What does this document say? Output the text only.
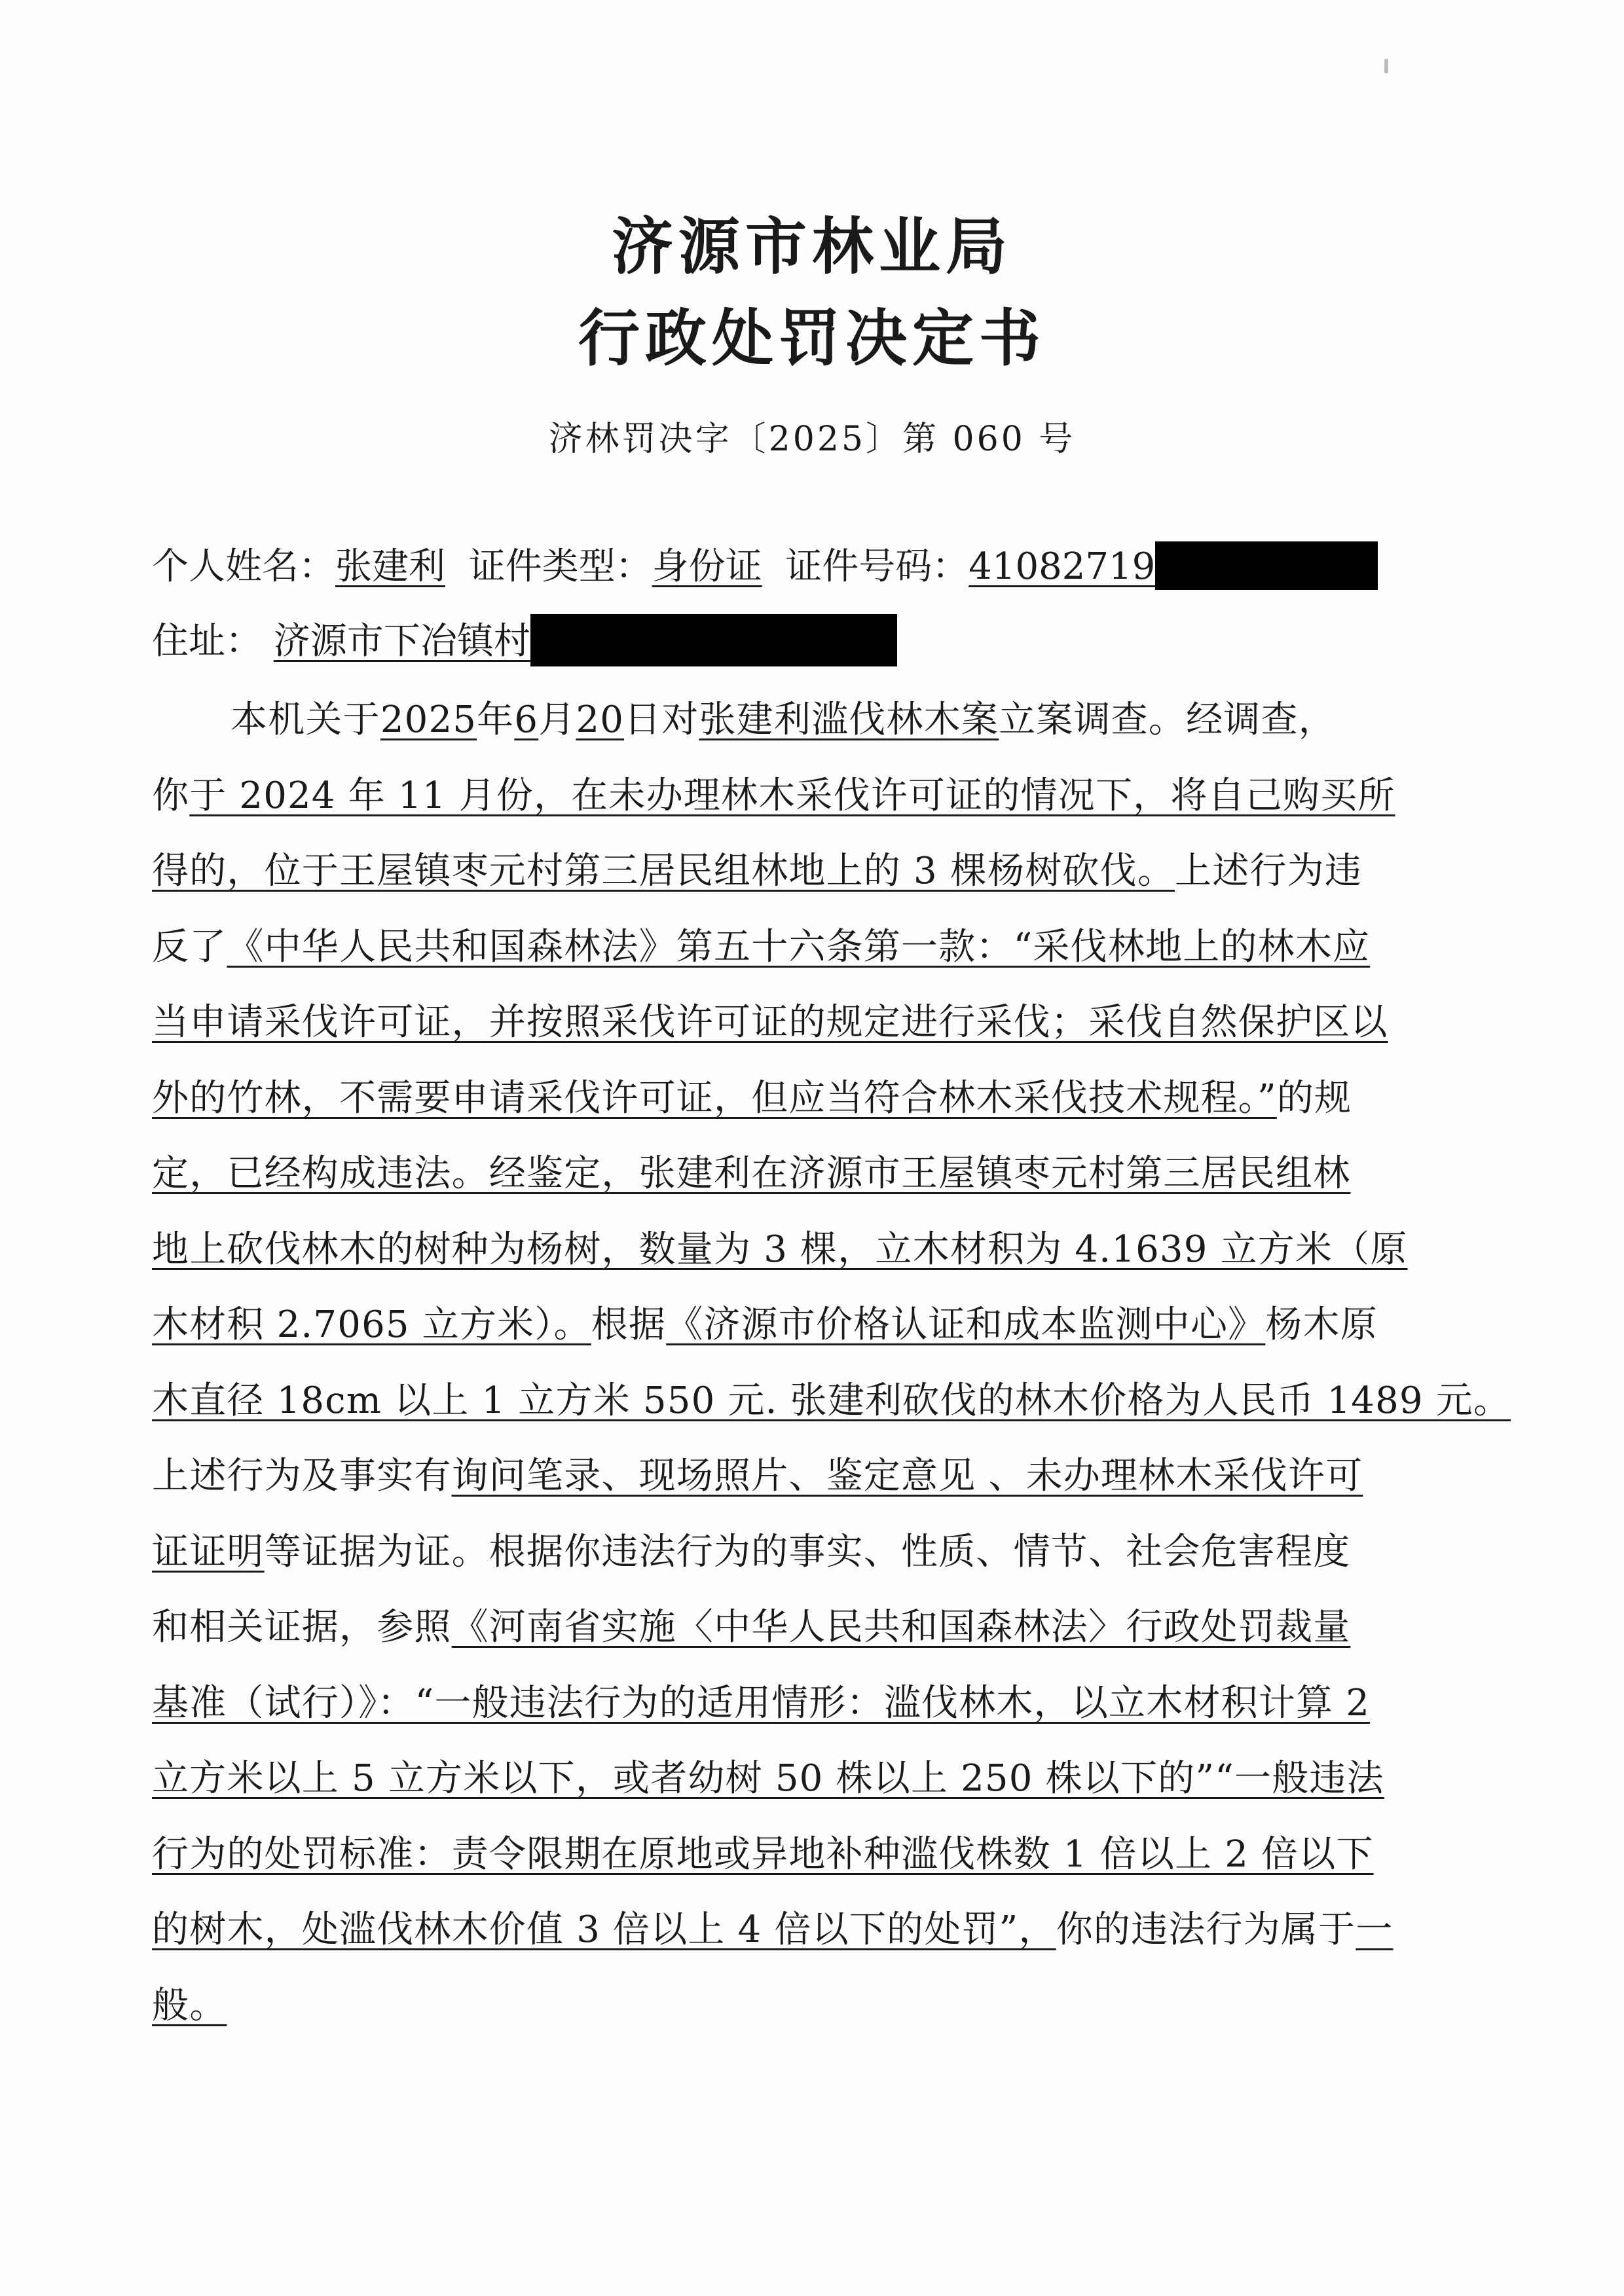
济源市林业局
行政处罚决定书
济林罚决字〔2025〕第 060 号
个人姓名：张建利 证件类型：身份证 证件号码：41082719
住址： 济源市下冶镇村
本机关于2025年6月20日对张建利滥伐林木案立案调查。经调查，
你于 2024 年 11 月份，在未办理林木采伐许可证的情况下，将自己购买所
得的，位于王屋镇枣元村第三居民组林地上的 3 棵杨树砍伐。上述行为违
反了《中华人民共和国森林法》第五十六条第一款：“采伐林地上的林木应
当申请采伐许可证，并按照采伐许可证的规定进行采伐；采伐自然保护区以
外的竹林，不需要申请采伐许可证，但应当符合林木采伐技术规程。”的规
定，已经构成违法。经鉴定，张建利在济源市王屋镇枣元村第三居民组林
地上砍伐林木的树种为杨树，数量为 3 棵，立木材积为 4.1639 立方米（原
木材积 2.7065 立方米）。根据《济源市价格认证和成本监测中心》杨木原
木直径 18cm 以上 1 立方米 550 元. 张建利砍伐的林木价格为人民币 1489 元。
上述行为及事实有询问笔录、现场照片、鉴定意见 、未办理林木采伐许可
证证明等证据为证。根据你违法行为的事实、性质、情节、社会危害程度
和相关证据，参照《河南省实施〈中华人民共和国森林法〉行政处罚裁量
基准（试行）》：“一般违法行为的适用情形：滥伐林木，以立木材积计算 2
立方米以上 5 立方米以下，或者幼树 50 株以上 250 株以下的”“一般违法
行为的处罚标准：责令限期在原地或异地补种滥伐株数 1 倍以上 2 倍以下
的树木，处滥伐林木价值 3 倍以上 4 倍以下的处罚”，你的违法行为属于一
般。
